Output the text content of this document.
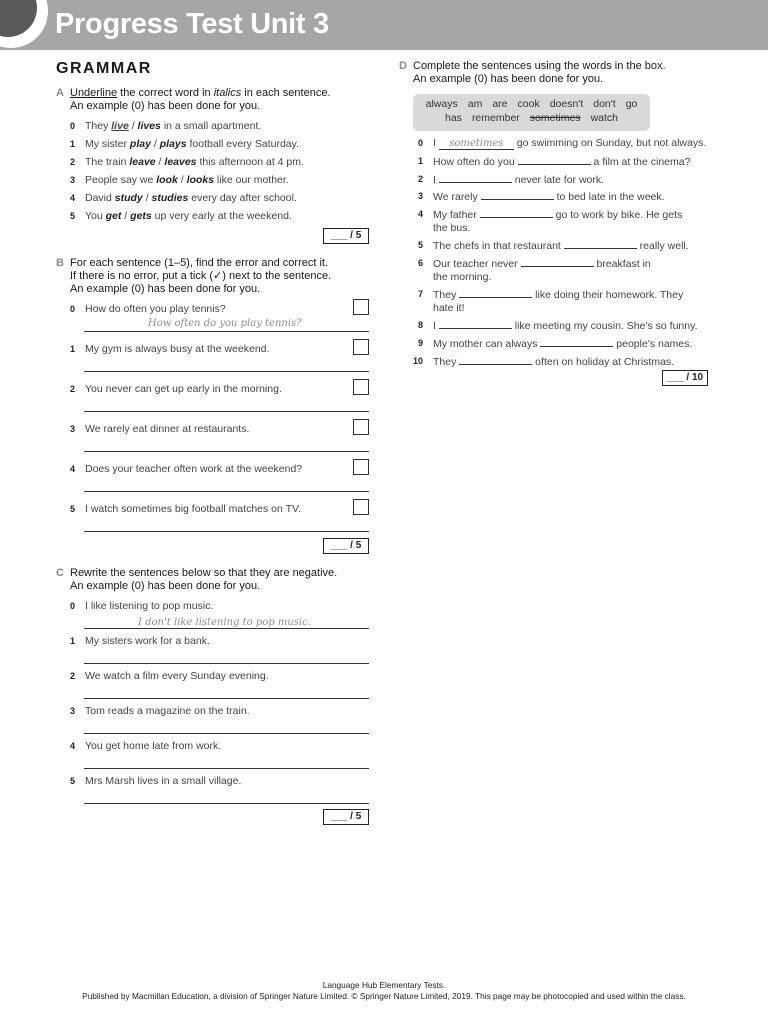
Progress Test Unit 3
GRAMMAR
A Underline the correct word in italics in each sentence.
An example (0) has been done for you.
0 They live / lives in a small apartment.
1 My sister play / plays football every Saturday.
2 The train leave / leaves this afternoon at 4 pm.
3 People say we look / looks like our mother.
4 David study / studies every day after school.
5 You get / gets up very early at the weekend.
___ / 5
B For each sentence (1–5), find the error and correct it.
If there is no error, put a tick (✓) next to the sentence.
An example (0) has been done for you.
0 How do often you play tennis?
How often do you play tennis?
1 My gym is always busy at the weekend.
2 You never can get up early in the morning.
3 We rarely eat dinner at restaurants.
4 Does your teacher often work at the weekend?
5 I watch sometimes big football matches on TV.
___ / 5
C Rewrite the sentences below so that they are negative.
An example (0) has been done for you.
0 I like listening to pop music.
I don't like listening to pop music.
1 My sisters work for a bank.
2 We watch a film every Sunday evening.
3 Tom reads a magazine on the train.
4 You get home late from work.
5 Mrs Marsh lives in a small village.
___ / 5
D Complete the sentences using the words in the box.
An example (0) has been done for you.
always am are cook doesn't don't go
has remember sometimes watch
0 I sometimes go swimming on Sunday, but not always.
1 How often do you	a film at the cinema?
2 I	never late for work.
3 We rarely	to bed late in the week.
4 My father	go to work by bike. He gets
the bus.
5 The chefs in that restaurant	really well.
6 Our teacher never	breakfast in
the morning.
7 They	like doing their homework. They
hate it!
8 I	like meeting my cousin. She's so funny.
9 My mother can always	people's names.
10 They	often on holiday at Christmas.
___ / 10
Language Hub Elementary Tests.
Published by Macmillan Education, a division of Springer Nature Limited. © Springer Nature Limited, 2019. This page may be photocopied and used within the class.
